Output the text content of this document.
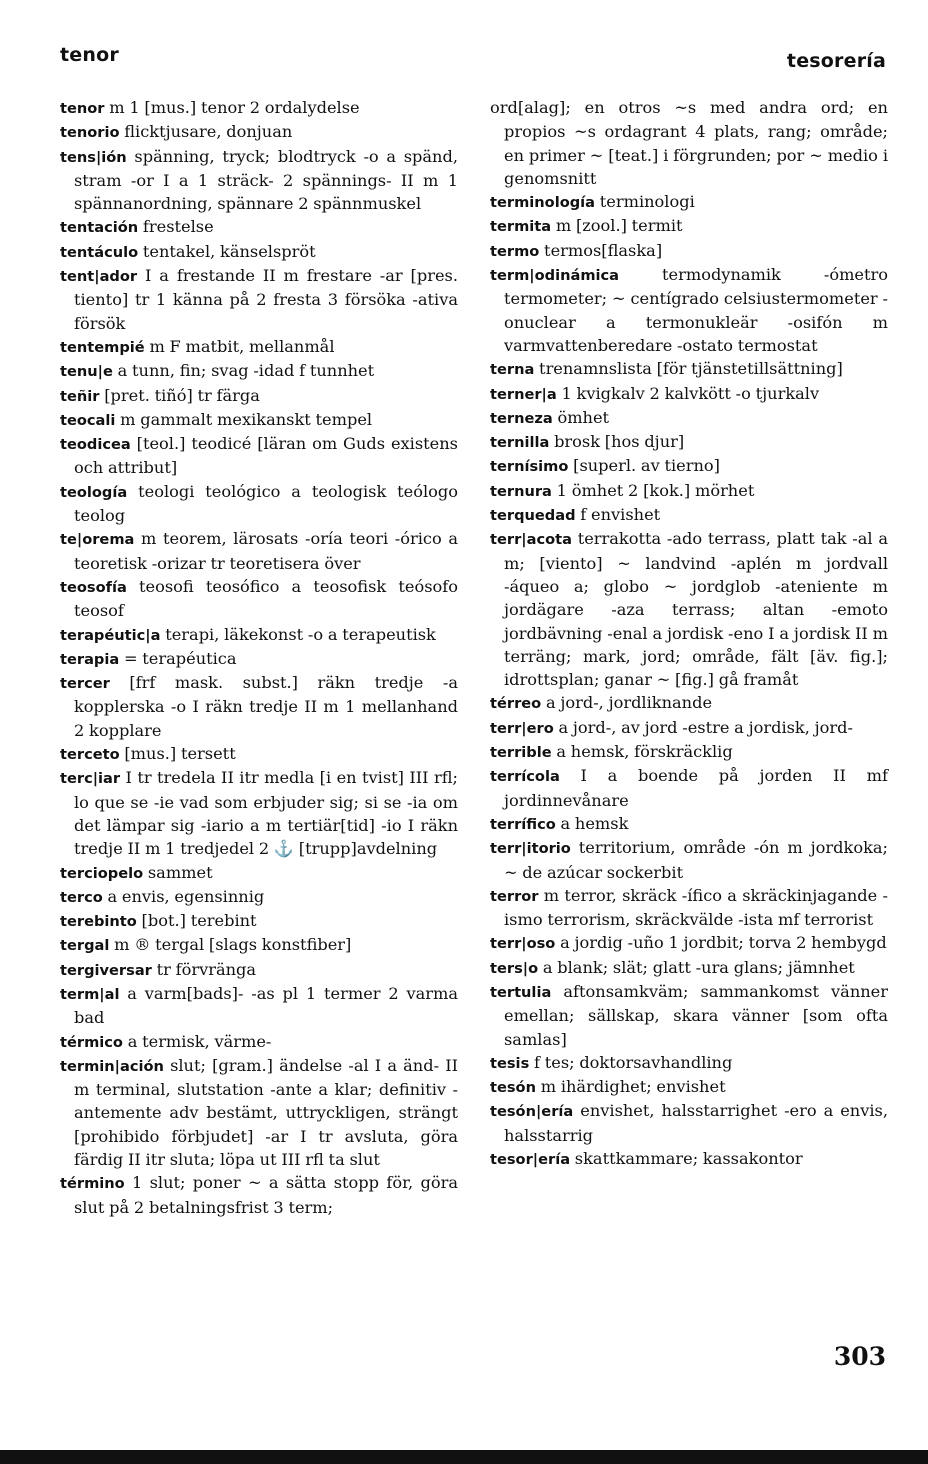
tenor	tesorería
tenor m 1 [mus.] tenor 2 ordalydelse
tenorio flicktjusare, donjuan
tens|ión spänning, tryck; blodtryck -o a spänd, stram -or I a 1 sträck- 2 spännings- II m 1 spännanordning, spännare 2 spännmuskel
tentación frestelse
tentáculo tentakel, känselspröt
tent|ador I a frestande II m frestare -ar [pres. tiento] tr 1 känna på 2 fresta 3 försöka -ativa försök
tentempié m F matbit, mellanmål
tenu|e a tunn, fin; svag -idad f tunnhet
teñir [pret. tiñó] tr färga
teocali m gammalt mexikanskt tempel
teodicea [teol.] teodicé [läran om Guds existens och attribut]
teología teologi teológico a teologisk teólogo teolog
te|orema m teorem, lärosats -oría teori -órico a teoretisk -orizar tr teoretisera över
teosofía teosofi teosófico a teosofisk teósofo teosof
terapéutic|a terapi, läkekonst -o a terapeutisk
terapia = terapéutica
tercer [frf mask. subst.] räkn tredje -a kopplerska -o I räkn tredje II m 1 mellanhand 2 kopplare
terceto [mus.] tersett
terc|iar I tr tredela II itr medla [i en tvist] III rfl; lo que se -ie vad som erbjuder sig; si se -ia om det lämpar sig -iario a m tertiär[tid] -io I räkn tredje II m 1 tredjedel 2 ⚓ [trupp]avdelning
terciopelo sammet
terco a envis, egensinnig
terebinto [bot.] terebint
tergal m ® tergal [slags konstfiber]
tergiversar tr förvränga
term|al a varm[bads]- -as pl 1 termer 2 varma bad
térmico a termisk, värme-
termin|ación slut; [gram.] ändelse -al I a änd- II m terminal, slutstation -ante a klar; definitiv -antemente adv bestämt, uttryckligen, strängt [prohibido förbjudet] -ar I tr avsluta, göra färdig II itr sluta; löpa ut III rfl ta slut
término 1 slut; poner ~ a sätta stopp för, göra slut på 2 betalningsfrist 3 term;
ord[alag]; en otros ~s med andra ord; en propios ~s ordagrant 4 plats, rang; område; en primer ~ [teat.] i förgrunden; por ~ medio i genomsnitt
terminología terminologi
termita m [zool.] termit
termo termos[flaska]
term|odinámica termodynamik -ómetro termometer; ~ centígrado celsiustermometer -onuclear a termonukleär -osifón m varmvattenberedare -ostato termostat
terna trenamnslista [för tjänstetillsättning]
terner|a 1 kvigkalv 2 kalvkött -o tjurkalv
terneza ömhet
ternilla brosk [hos djur]
ternísimo [superl. av tierno]
ternura 1 ömhet 2 [kok.] mörhet
terquedad f envishet
terr|acota terrakotta -ado terrass, platt tak -al a m; [viento] ~ landvind -aplén m jordvall -áqueo a; globo ~ jordglob -ateniente m jordägare -aza terrass; altan -emoto jordbävning -enal a jordisk -eno I a jordisk II m terräng; mark, jord; område, fält [äv. fig.]; idrottsplan; ganar ~ [fig.] gå framåt
térreo a jord-, jordliknande
terr|ero a jord-, av jord -estre a jordisk, jord-
terrible a hemsk, förskräcklig
terrícola I a boende på jorden II mf jordinnevånare
terrífico a hemsk
terr|itorio territorium, område -ón m jordkoka; ~ de azúcar sockerbit
terror m terror, skräck -ífico a skräckinjagande -ismo terrorism, skräckvälde -ista mf terrorist
terr|oso a jordig -uño 1 jordbit; torva 2 hembygd
ters|o a blank; slät; glatt -ura glans; jämnhet
tertulia aftonsamkväm; sammankomst vänner emellan; sällskap, skara vänner [som ofta samlas]
tesis f tes; doktorsavhandling
tesón m ihärdighet; envishet
tesón|ería envishet, halsstarrighet -ero a envis, halsstarrig
tesor|ería skattkammare; kassakontor
303
